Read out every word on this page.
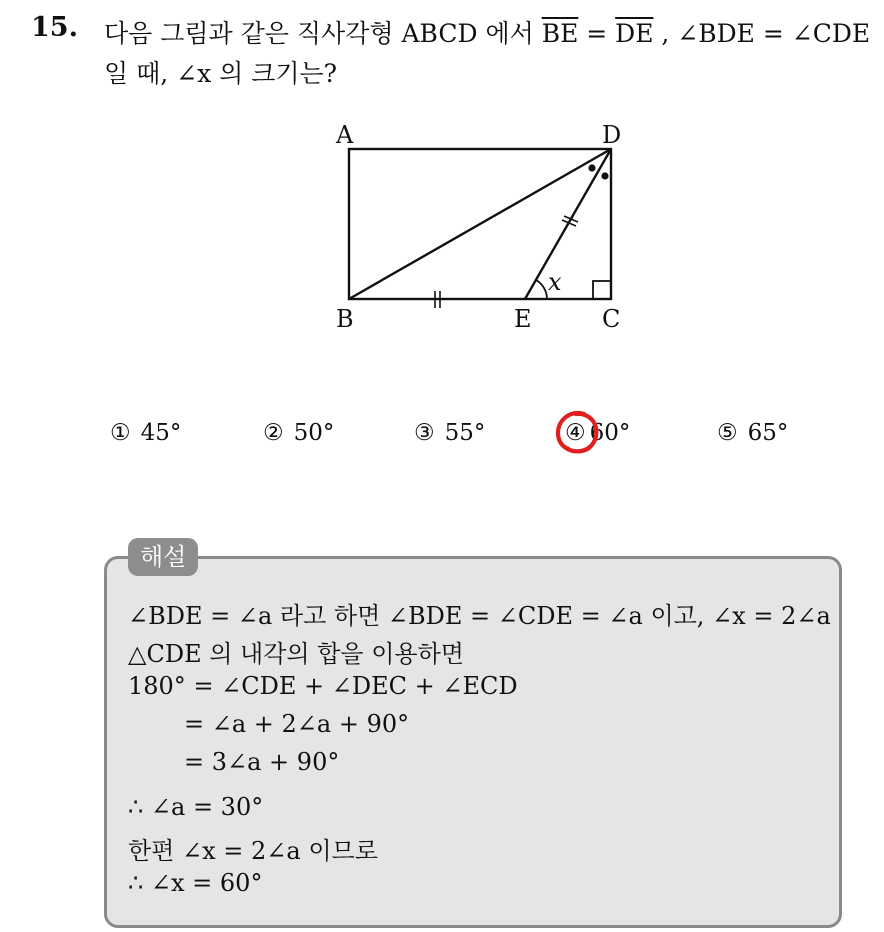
15. 다음 그림과 같은 직사각형 ABCD 에서 $\overline{BE} = \overline{DE}$ , ∠BDE = ∠CDE
일 때, ∠x 의 크기는?
A	D
B	E	C
x
① 45°	② 50°	③ 55°	④ 60°	⑤ 65°
해설
∠BDE = ∠a 라고 하면 ∠BDE = ∠CDE = ∠a 이고, ∠x = 2∠a
△CDE 의 내각의 합을 이용하면
180° = ∠CDE + ∠DEC + ∠ECD
= ∠a + 2∠a + 90°
= 3∠a + 90°
∴ ∠a = 30°
한편 ∠x = 2∠a 이므로
∴ ∠x = 60°
